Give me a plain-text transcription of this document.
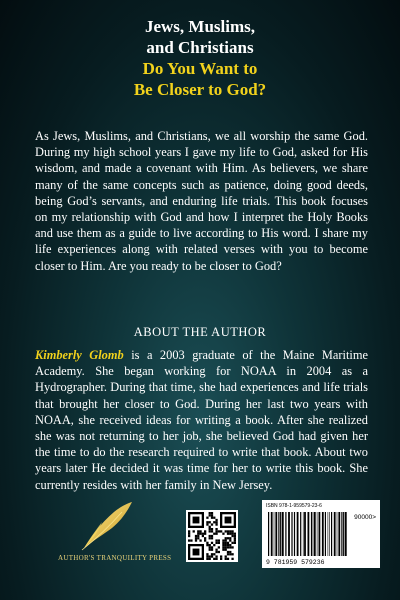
Jews, Muslims,
and Christians
Do You Want to
Be Closer to God?
As Jews, Muslims, and Christians, we all worship the same God. During my high school years I gave my life to God, asked for His wisdom, and made a covenant with Him. As believers, we share many of the same concepts such as patience, doing good deeds, being God’s servants, and enduring life trials. This book focuses on my relationship with God and how I interpret the Holy Books and use them as a guide to live according to His word. I share my life experiences along with related verses with you to become closer to Him. Are you ready to be closer to God?
ABOUT THE AUTHOR
Kimberly Glomb is a 2003 graduate of the Maine Maritime Academy. She began working for NOAA in 2004 as a Hydrographer. During that time, she had experiences and life trials that brought her closer to God. During her last two years with NOAA, she received ideas for writing a book. After she realized she was not returning to her job, she believed God had given her the time to do the research required to write that book. About two years later He decided it was time for her to write this book. She currently resides with her family in New Jersey.
AUTHOR'S TRANQUILITY PRESS
ISBN 978-1-959579-23-6
90000>
9 781959 579236
